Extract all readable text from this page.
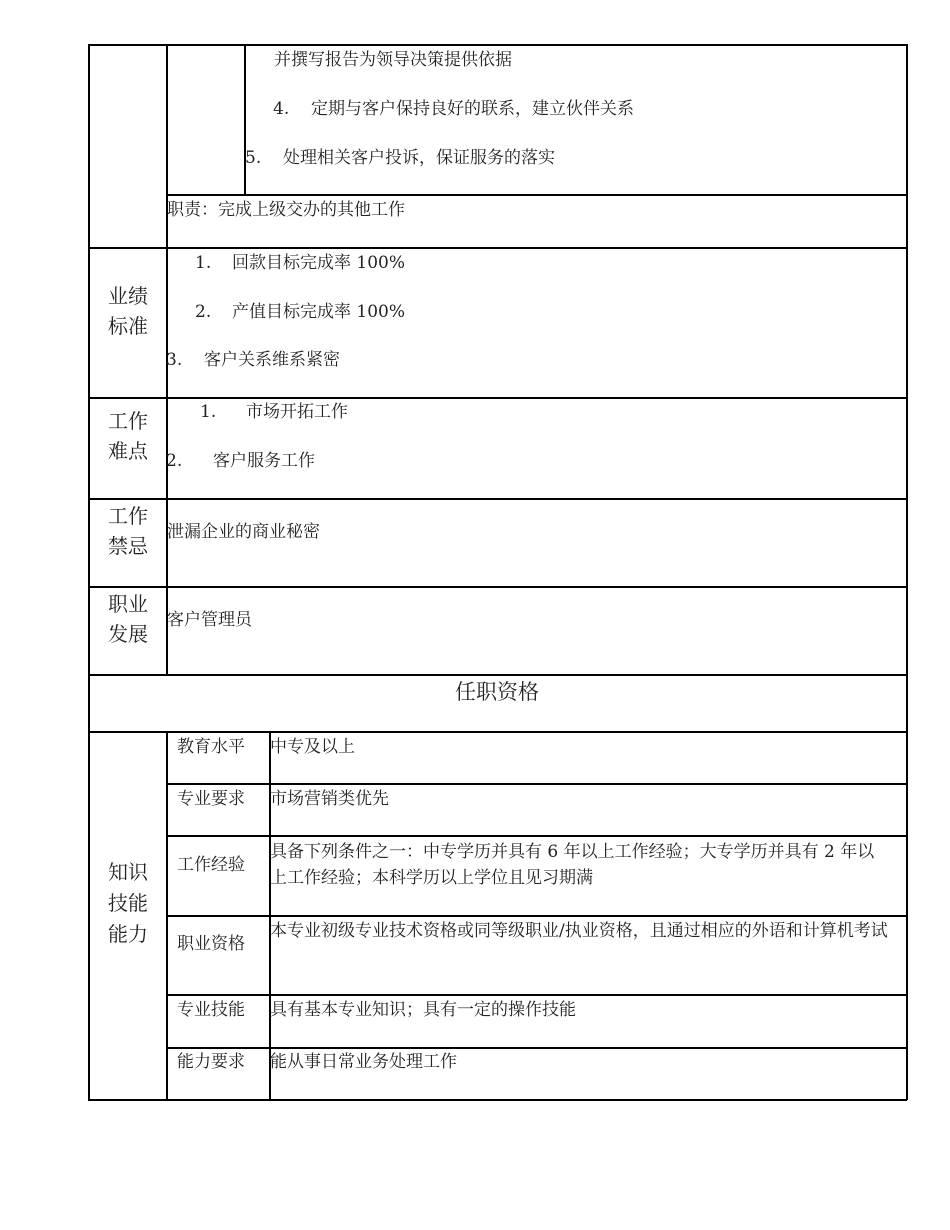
并撰写报告为领导决策提供依据
4. 定期与客户保持良好的联系，建立伙伴关系
5. 处理相关客户投诉，保证服务的落实
职责：完成上级交办的其他工作
业绩
标准
1. 回款目标完成率 100%
2. 产值目标完成率 100%
3. 客户关系维系紧密
工作
难点
1. 市场开拓工作
2. 客户服务工作
工作
禁忌
泄漏企业的商业秘密
职业
发展
客户管理员
任职资格
知识
技能
能力
教育水平 中专及以上
专业要求 市场营销类优先
工作经验
具备下列条件之一：中专学历并具有 6 年以上工作经验；大专学历并具有 2 年以上工作经验；本科学历以上学位且见习期满
职业资格
本专业初级专业技术资格或同等级职业/执业资格，且通过相应的外语和计算机考试
专业技能 具有基本专业知识；具有一定的操作技能
能力要求 能从事日常业务处理工作
